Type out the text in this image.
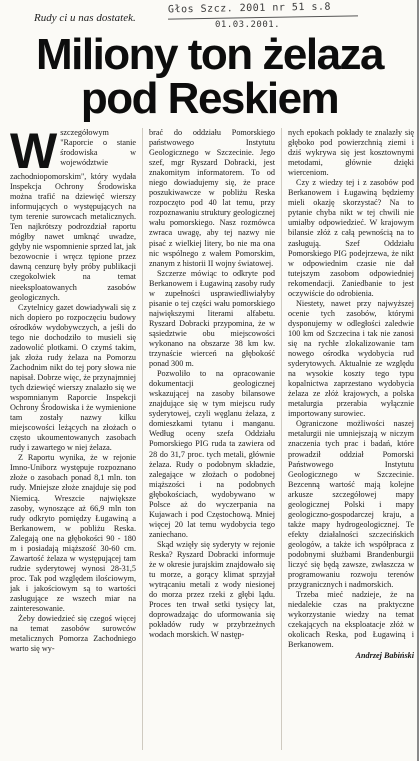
Rudy ci u nas dostatek.
Głos Szcz. 2001 nr 51 s.8
01.03.2001.
Miliony ton żelaza
pod Reskiem
W szczegółowym "Raporcie o stanie środowiska w województwie zachodniopomorskim", który wydała Inspekcja Ochrony Środowiska można trafić na dziewięć wierszy informujących o występujących na tym terenie surowcach metalicznych. Ten najkrótszy podrozdział raportu mógłby nawet umknąć uwadze, gdyby nie wspomnienie sprzed lat, jak bezowocnie i wręcz tępione przez dawną cenzurę były próby publikacji czegokolwiek na temat nieeksploatowanych zasobów geologicznych.

Czytelnicy gazet dowiadywali się z nich dopiero po rozpoczęciu budowy ośrodków wydobywczych, a jeśli do tego nie dochodziło to musieli się zadowolić plotkami. O czymś takim, jak złoża rudy żelaza na Pomorzu Zachodnim nikt do tej pory słowa nie napisał. Dobrze więc, że przynajmniej tych dziewięć wierszy znalazło się we wspomnianym Raporcie Inspekcji Ochrony Środowiska i że wymienione tam zostały nazwy kilku miejscowości leżących na złożach o często ukoumentowanych zasobach rudy i zawartego w niej żelaza.

Z Raportu wynika, że w rejonie Imno-Uniborz występuje rozpoznano złoże o zasobach ponad 8,1 mln. ton rudy. Mniejsze złoże znajduje się pod Niemicą. Wreszcie największe zasoby, wynoszące aż 66,9 mln ton rudy odkryto pomiędzy Ługawiną a Berkanowem, w pobliżu Reska. Zalegają one na głębokości 90 - 180 m i posiadają miąższość 30-60 cm. Zawartość żelaza w występującej tam rudzie syderytowej wynosi 28-31,5 proc. Tak pod względem ilościowym, jak i jakościowym są to wartości zasługujące ze wszech miar na zainteresowanie.

Żeby dowiedzieć się czegoś więcej na temat zasobów surowców metalicznych Pomorza Zachodniego warto się wy-

brać do oddziału Pomorskiego państwowego Instytutu Geologicznego w Szczecinie. Jego szef, mgr Ryszard Dobracki, jest znakomitym informatorem. To od niego dowiadujemy się, że prace poszukiwawcze w pobliżu Reska rozpoczęto pod 40 lat temu, przy rozpoznawaniu struktury geologicznej wału pomorskiego. Nasz rozmówca zwraca uwagę, aby tej nazwy nie pisać z wielkiej litery, bo nie ma ona nic wspólnego z wałem Pomorskim, znanym z historii II wojny światowej.

Szczerze mówiąc to odkryte pod Berkanowem i Ługawiną zasoby rudy w zupełności usprawiedliwiałyby pisanie o tej części wału pomorskiego największymi literami alfabetu. Ryszard Dobracki przypomina, że w sąsiedztwie obu miejscowości wykonano na obszarze 38 km kw. trzynaście wierceń na głębokość ponad 300 m.

Pozwoliło to na opracowanie dokumentacji geologicznej wskazującej na zasoby bilansowe znajdujące się w tym miejscu rudy syderytowej, czyli węglanu żelaza, z domieszkami tytanu i manganu. Według oceny szefa Oddziału Pomorskiego PIG ruda ta zawiera od 28 do 31,7 proc. tych metali, głównie żelaza. Rudy o podobnym składzie, zalegające w złożach o podobnej miąższości i na podobnych głębokościach, wydobywano w Polsce aż do wyczerpania na Kujawach i pod Częstochową. Mniej więcej 20 lat temu wydobycia tego zaniechano.

Skąd wzięły się syderyty w rejonie Reska? Ryszard Dobracki informuje że w okresie jurajskim znajdowało się tu morze, a gorący klimat sprzyjał wytrącaniu metali z wody niesionej do morza przez rzeki z głębi lądu. Proces ten trwał setki tysięcy lat, doprowadzając do uformowania się pokładów rudy w przybrzeżnych wodach morskich. W następ-

nych epokach pokłady te znalazły się głęboko pod powierzchnią ziemi i dziś wykrywa się jest kosztownymi metodami, głównie dzięki wierceniom.

Czy z wiedzy tej i z zasobów pod Berkanowem i Ługawiną będziemy mieli okazję skorzystać? Na to pytanie chyba nikt w tej chwili nie umiałby odpowiedzieć. W krajowym bilansie złóż z całą pewnością na to zasługują. Szef Oddziału Pomorskiego PIG podejrzewa, że nikt w odpowiednim czasie nie dał tutejszym zasobom odpowiedniej rekomendacji. Zaniedbanie to jest oczywiście do odrobienia.

Niestety, nawet przy najwyższej ocenie tych zasobów, którymi dysponujemy w odległości zaledwie 100 km od Szczecina i tak nie zanosi się na rychłe zlokalizowanie tam nowego ośrodka wydobycia rud syderytowych. Aktualnie ze względu na wysokie koszty tego typu kopalnictwa zaprzestano wydobycia żelaza ze złóż krajowych, a polska metalurgia przerabia wyłącznie importowany surowiec.

Ograniczone możliwości naszej metalurgii nie umniejszają w niczym znaczenia tych prac i badań, które prowadził oddział Pomorski Państwowego Instytutu Geologicznego w Szczecinie. Bezcenną wartość mają kolejne arkusze szczegółowej mapy geologicznej Polski i mapy geologiczno-gospodarczej kraju, a także mapy hydrogeologicznej. Te efekty działalności szczecińskich geologów, a także ich współpraca z podobnymi służbami Brandenburgii liczyć się będą zawsze, zwłaszcza w programowaniu rozwoju terenów przygranicznych i nadmorskich.

Trzeba mieć nadzieje, że na niedalekie czas na praktyczne wykorzystanie wiedzy na temat czekających na eksploatacje złóż w okolicach Reska, pod Ługawiną i Berkanowem.

Andrzej Babiński
